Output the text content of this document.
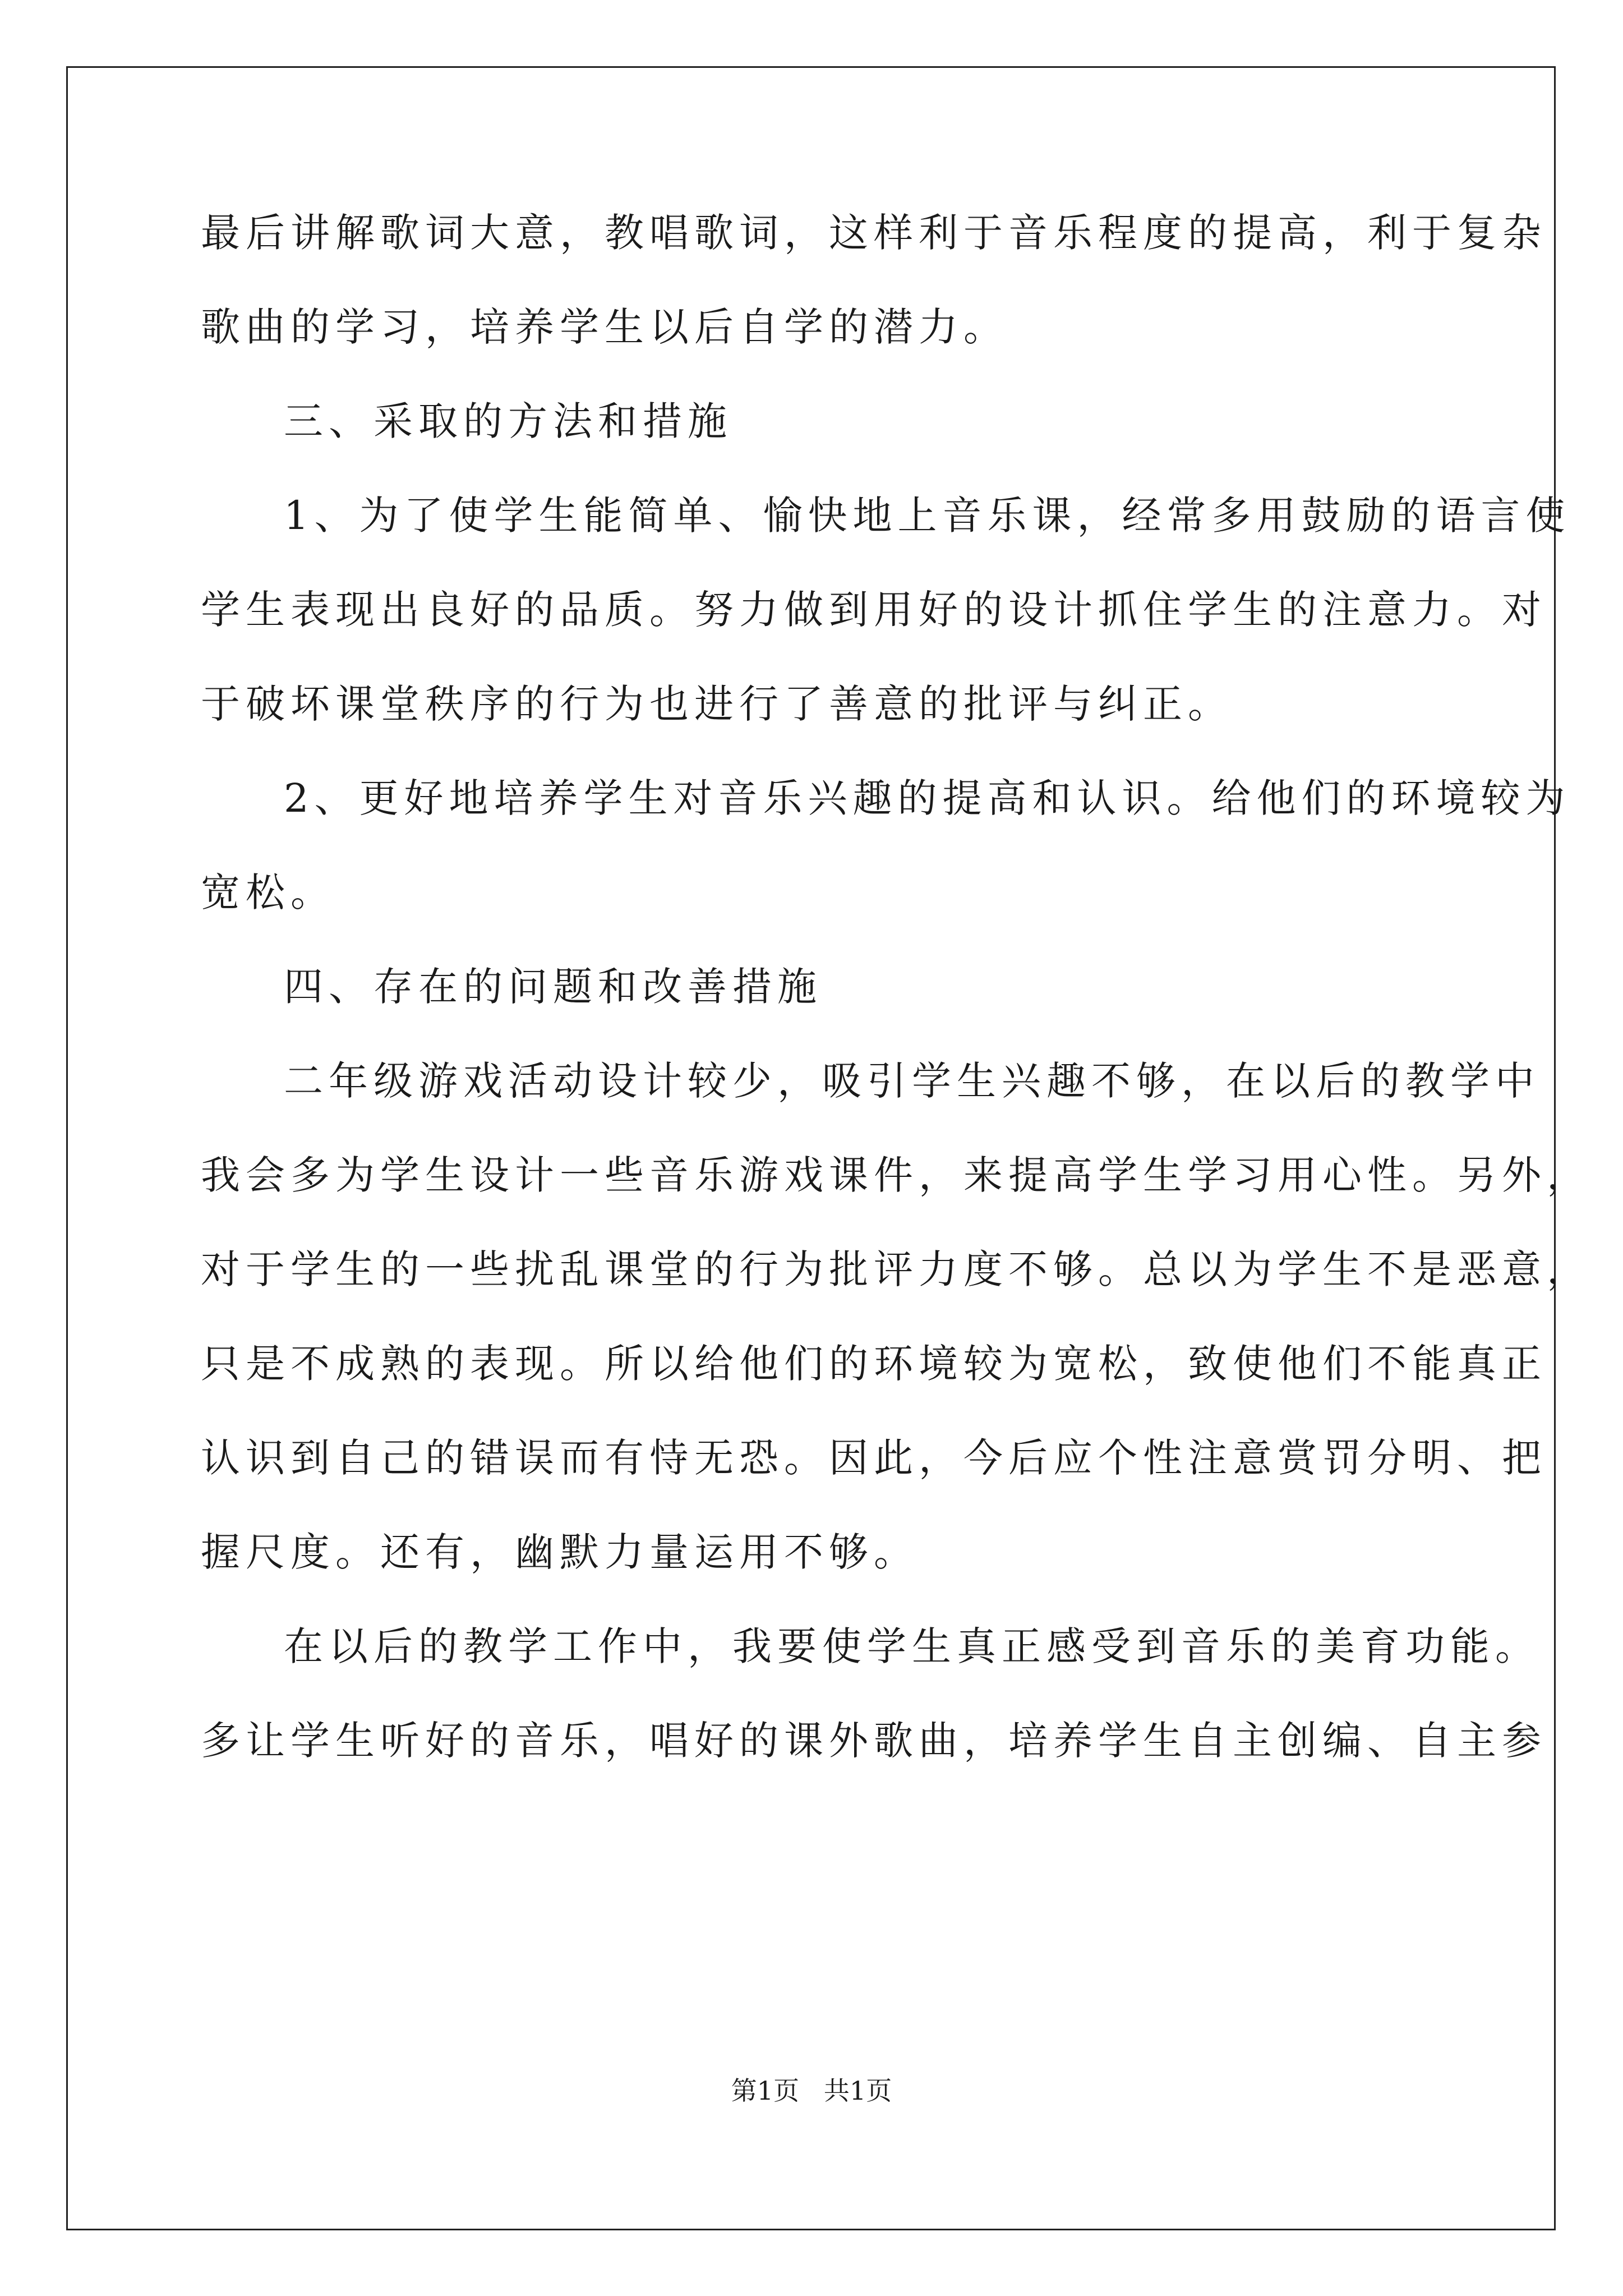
最后讲解歌词大意，教唱歌词，这样利于音乐程度的提高，利于复杂
歌曲的学习，培养学生以后自学的潜力。
三、采取的方法和措施
1、为了使学生能简单、愉快地上音乐课，经常多用鼓励的语言使
学生表现出良好的品质。努力做到用好的设计抓住学生的注意力。对
于破坏课堂秩序的行为也进行了善意的批评与纠正。
2、更好地培养学生对音乐兴趣的提高和认识。给他们的环境较为
宽松。
四、存在的问题和改善措施
二年级游戏活动设计较少，吸引学生兴趣不够，在以后的教学中
我会多为学生设计一些音乐游戏课件，来提高学生学习用心性。另外，
对于学生的一些扰乱课堂的行为批评力度不够。总以为学生不是恶意，
只是不成熟的表现。所以给他们的环境较为宽松，致使他们不能真正
认识到自己的错误而有恃无恐。因此，今后应个性注意赏罚分明、把
握尺度。还有，幽默力量运用不够。
在以后的教学工作中，我要使学生真正感受到音乐的美育功能。
多让学生听好的音乐，唱好的课外歌曲，培养学生自主创编、自主参
第1页   共1页
